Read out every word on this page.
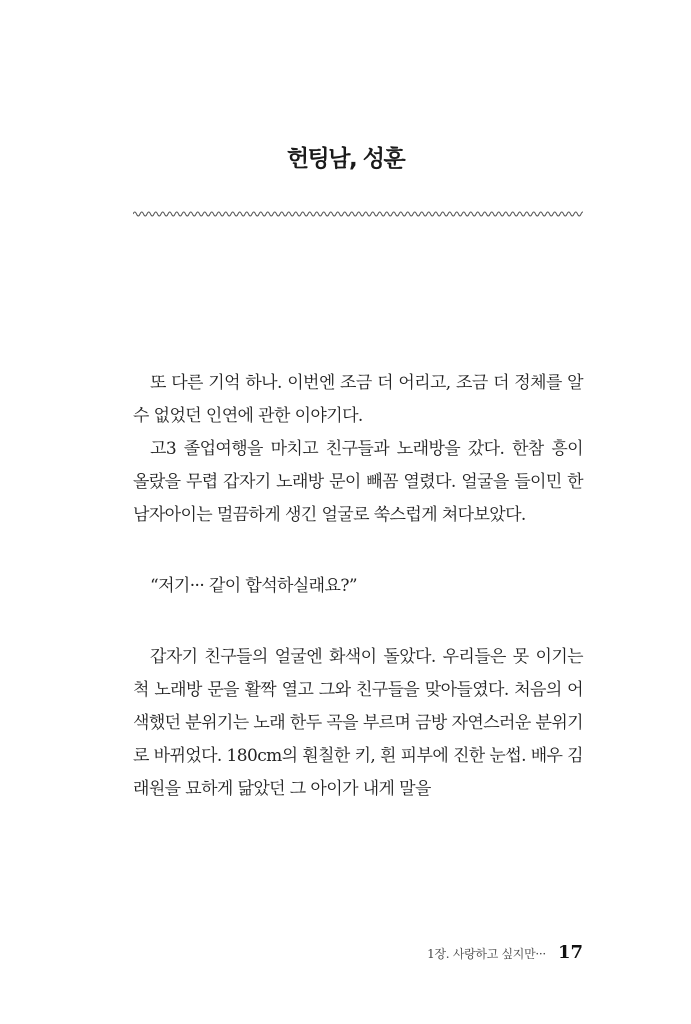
헌팅남, 성훈

또 다른 기억 하나. 이번엔 조금 더 어리고, 조금 더 정체를 알 수 없었던 인연에 관한 이야기다.

고3 졸업여행을 마치고 친구들과 노래방을 갔다. 한참 흥이 올랐을 무렵 갑자기 노래방 문이 빼꼼 열렸다. 얼굴을 들이민 한 남자아이는 멀끔하게 생긴 얼굴로 쑥스럽게 쳐다보았다.

“저기··· 같이 합석하실래요?”

갑자기 친구들의 얼굴엔 화색이 돌았다. 우리들은 못 이기는 척 노래방 문을 활짝 열고 그와 친구들을 맞아들였다. 처음의 어색했던 분위기는 노래 한두 곡을 부르며 금방 자연스러운 분위기로 바뀌었다. 180cm의 훤칠한 키, 흰 피부에 진한 눈썹. 배우 김래원을 묘하게 닮았던 그 아이가 내게 말을

1장. 사랑하고 싶지만··· 17
